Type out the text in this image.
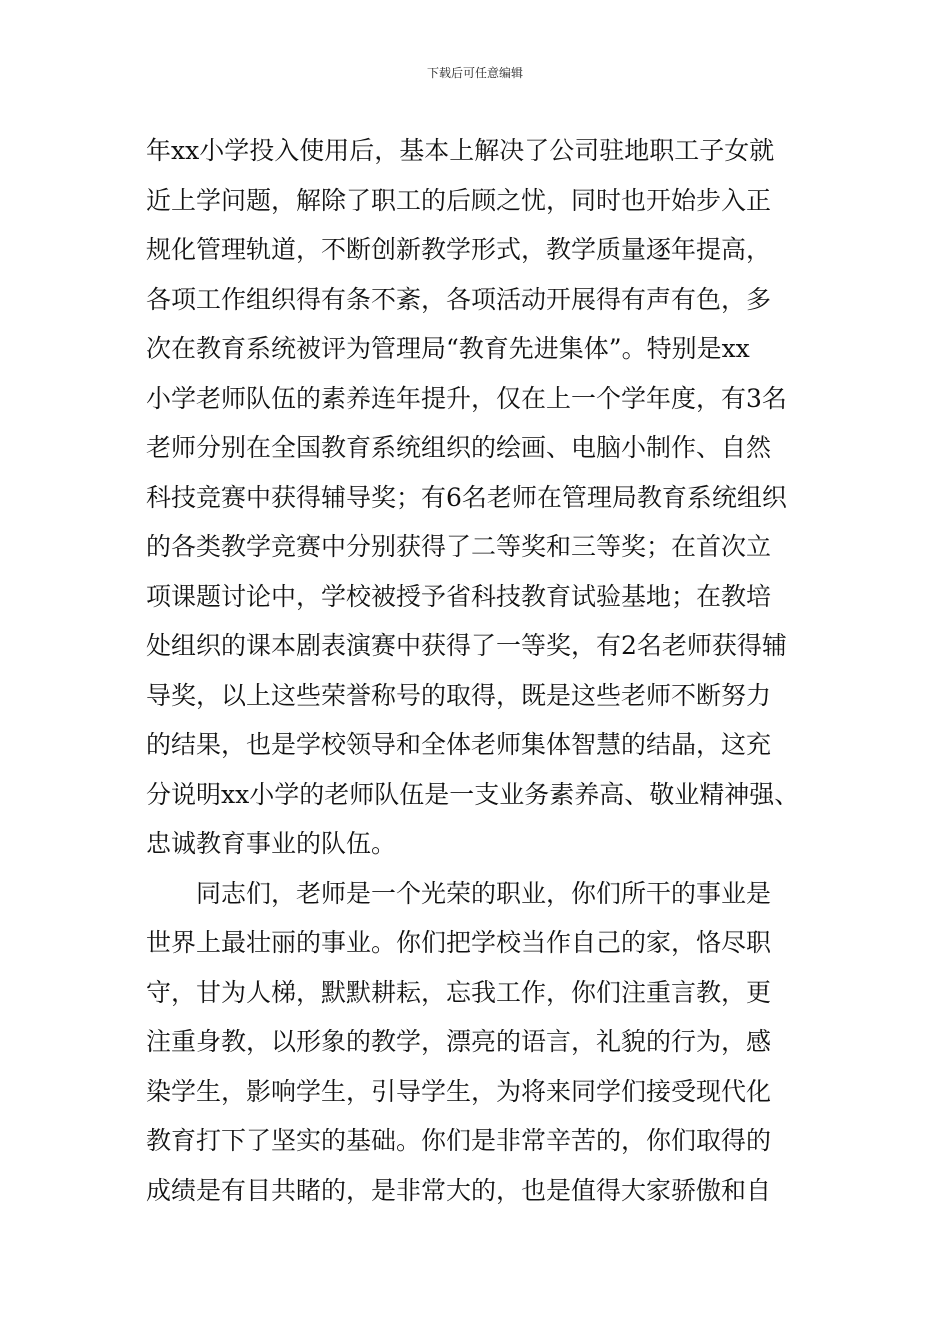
下载后可任意编辑
年xx小学投入使用后，基本上解决了公司驻地职工子女就
近上学问题，解除了职工的后顾之忧，同时也开始步入正
规化管理轨道，不断创新教学形式，教学质量逐年提高，
各项工作组织得有条不紊，各项活动开展得有声有色，多
次在教育系统被评为管理局“教育先进集体”。特别是xx
小学老师队伍的素养连年提升，仅在上一个学年度，有3名
老师分别在全国教育系统组织的绘画、电脑小制作、自然
科技竞赛中获得辅导奖；有6名老师在管理局教育系统组织
的各类教学竞赛中分别获得了二等奖和三等奖；在首次立
项课题讨论中，学校被授予省科技教育试验基地；在教培
处组织的课本剧表演赛中获得了一等奖，有2名老师获得辅
导奖，以上这些荣誉称号的取得，既是这些老师不断努力
的结果，也是学校领导和全体老师集体智慧的结晶，这充
分说明xx小学的老师队伍是一支业务素养高、敬业精神强、
忠诚教育事业的队伍。
同志们，老师是一个光荣的职业，你们所干的事业是
世界上最壮丽的事业。你们把学校当作自己的家，恪尽职
守，甘为人梯，默默耕耘，忘我工作，你们注重言教，更
注重身教，以形象的教学，漂亮的语言，礼貌的行为，感
染学生，影响学生，引导学生，为将来同学们接受现代化
教育打下了坚实的基础。你们是非常辛苦的，你们取得的
成绩是有目共睹的，是非常大的，也是值得大家骄傲和自
